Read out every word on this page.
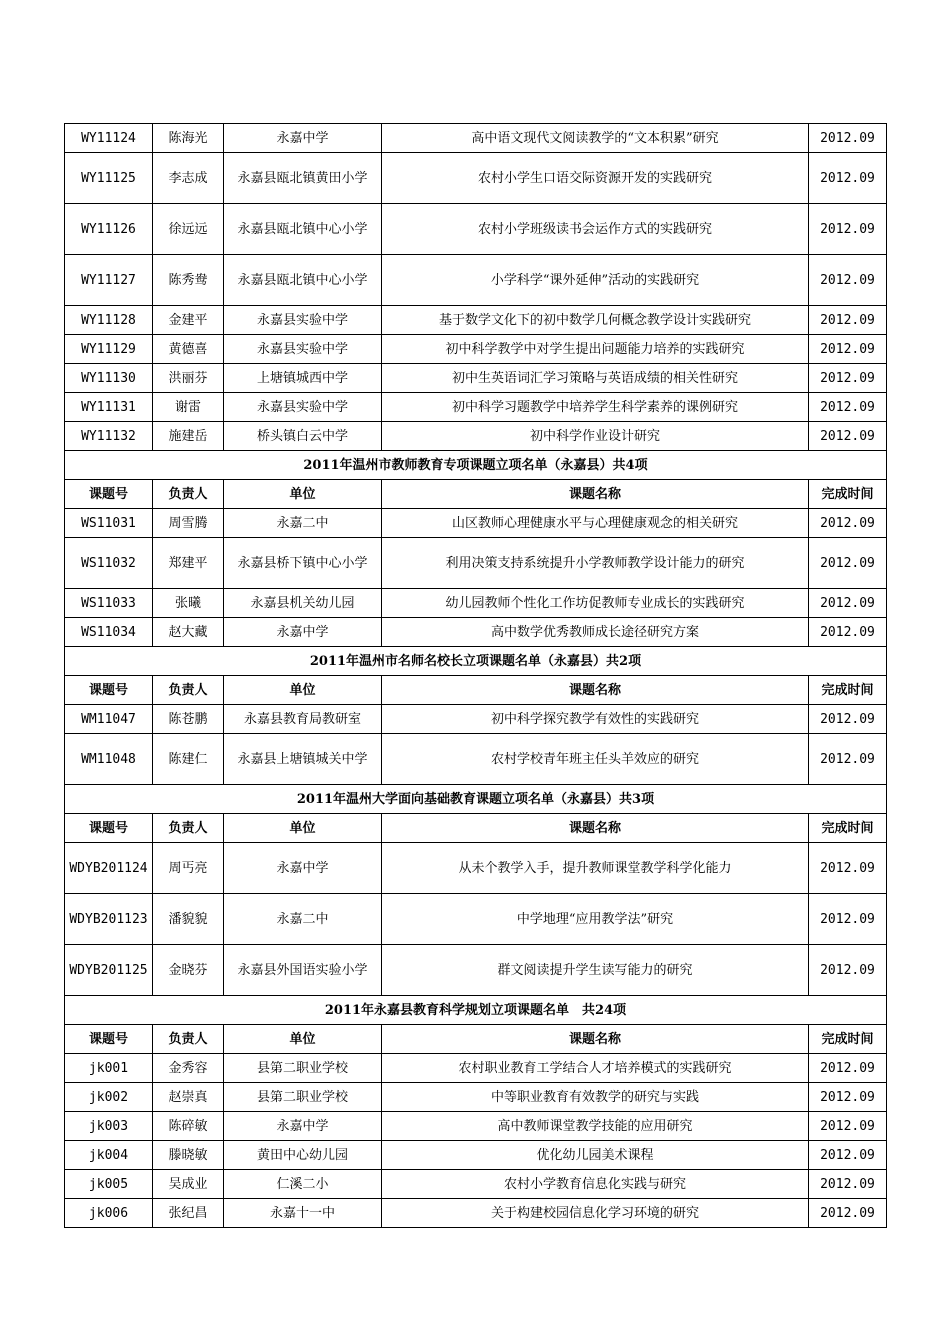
WY11124	陈海光	永嘉中学	高中语文现代文阅读教学的“文本积累”研究	2012.09
WY11125	李志成	永嘉县瓯北镇黄田小学	农村小学生口语交际资源开发的实践研究	2012.09
WY11126	徐远远	永嘉县瓯北镇中心小学	农村小学班级读书会运作方式的实践研究	2012.09
WY11127	陈秀鸯	永嘉县瓯北镇中心小学	小学科学“课外延伸”活动的实践研究	2012.09
WY11128	金建平	永嘉县实验中学	基于数学文化下的初中数学几何概念教学设计实践研究	2012.09
WY11129	黄德喜	永嘉县实验中学	初中科学教学中对学生提出问题能力培养的实践研究	2012.09
WY11130	洪丽芬	上塘镇城西中学	初中生英语词汇学习策略与英语成绩的相关性研究	2012.09
WY11131	谢雷	永嘉县实验中学	初中科学习题教学中培养学生科学素养的课例研究	2012.09
WY11132	施建岳	桥头镇白云中学	初中科学作业设计研究	2012.09
2011年温州市教师教育专项课题立项名单（永嘉县）共4项				
课题号	负责人	单位	课题名称	完成时间
WS11031	周雪腾	永嘉二中	山区教师心理健康水平与心理健康观念的相关研究	2012.09
WS11032	郑建平	永嘉县桥下镇中心小学	利用决策支持系统提升小学教师教学设计能力的研究	2012.09
WS11033	张曦	永嘉县机关幼儿园	幼儿园教师个性化工作坊促教师专业成长的实践研究	2012.09
WS11034	赵大藏	永嘉中学	高中数学优秀教师成长途径研究方案	2012.09
2011年温州市名师名校长立项课题名单（永嘉县）共2项				
课题号	负责人	单位	课题名称	完成时间
WM11047	陈苍鹏	永嘉县教育局教研室	初中科学探究教学有效性的实践研究	2012.09
WM11048	陈建仁	永嘉县上塘镇城关中学	农村学校青年班主任头羊效应的研究	2012.09
2011年温州大学面向基础教育课题立项名单（永嘉县）共3项				
课题号	负责人	单位	课题名称	完成时间
WDYB201124	周丐亮	永嘉中学	从未个教学入手，提升教师课堂教学科学化能力	2012.09
WDYB201123	潘貌貌	永嘉二中	中学地理“应用教学法”研究	2012.09
WDYB201125	金晓芬	永嘉县外国语实验小学	群文阅读提升学生读写能力的研究	2012.09
2011年永嘉县教育科学规划立项课题名单　共24项				
课题号	负责人	单位	课题名称	完成时间
jk001	金秀容	县第二职业学校	农村职业教育工学结合人才培养模式的实践研究	2012.09
jk002	赵崇真	县第二职业学校	中等职业教育有效教学的研究与实践	2012.09
jk003	陈碎敏	永嘉中学	高中教师课堂教学技能的应用研究	2012.09
jk004	滕晓敏	黄田中心幼儿园	优化幼儿园美术课程	2012.09
jk005	吴成业	仁溪二小	农村小学教育信息化实践与研究	2012.09
jk006	张纪昌	永嘉十一中	关于构建校园信息化学习环境的研究	2012.09
